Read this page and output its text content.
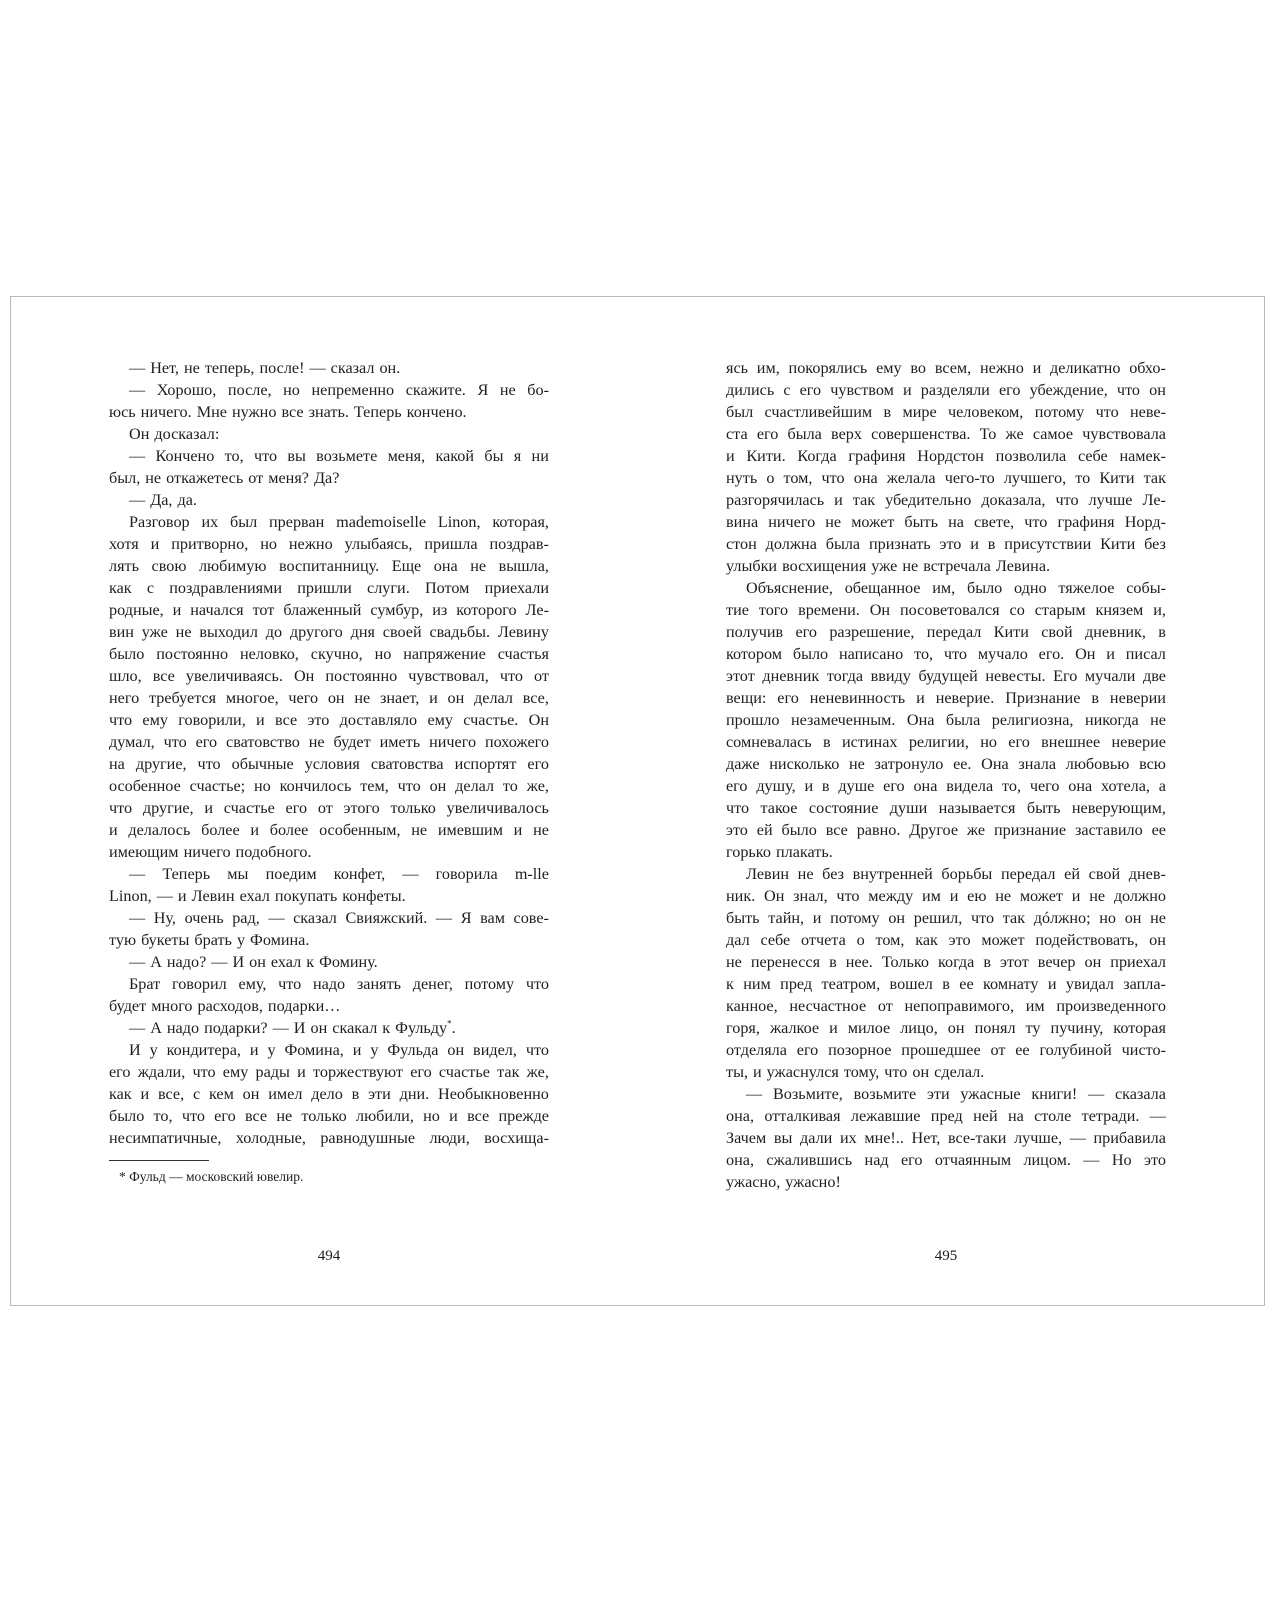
— Нет, не теперь, после! — сказал он.
— Хорошо, после, но непременно скажите. Я не бо-
юсь ничего. Мне нужно все знать. Теперь кончено.
Он досказал:
— Кончено то, что вы возьмете меня, какой бы я ни
был, не откажетесь от меня? Да?
— Да, да.
Разговор их был прерван mademoiselle Linon, которая,
хотя и притворно, но нежно улыбаясь, пришла поздрав-
лять свою любимую воспитанницу. Еще она не вышла,
как с поздравлениями пришли слуги. Потом приехали
родные, и начался тот блаженный сумбур, из которого Ле-
вин уже не выходил до другого дня своей свадьбы. Левину
было постоянно неловко, скучно, но напряжение счастья
шло, все увеличиваясь. Он постоянно чувствовал, что от
него требуется многое, чего он не знает, и он делал все,
что ему говорили, и все это доставляло ему счастье. Он
думал, что его сватовство не будет иметь ничего похожего
на другие, что обычные условия сватовства испортят его
особенное счастье; но кончилось тем, что он делал то же,
что другие, и счастье его от этого только увеличивалось
и делалось более и более особенным, не имевшим и не
имеющим ничего подобного.
— Теперь мы поедим конфет, — говорила m-lle
Linon, — и Левин ехал покупать конфеты.
— Ну, очень рад, — сказал Свияжский. — Я вам сове-
тую букеты брать у Фомина.
— А надо? — И он ехал к Фомину.
Брат говорил ему, что надо занять денег, потому что
будет много расходов, подарки…
— А надо подарки? — И он скакал к Фульду*.
И у кондитера, и у Фомина, и у Фульда он видел, что
его ждали, что ему рады и торжествуют его счастье так же,
как и все, с кем он имел дело в эти дни. Необыкновенно
было то, что его все не только любили, но и все прежде
несимпатичные, холодные, равнодушные люди, восхища-
* Фульд — московский ювелир.
494
ясь им, покорялись ему во всем, нежно и деликатно обхо-
дились с его чувством и разделяли его убеждение, что он
был счастливейшим в мире человеком, потому что неве-
ста его была верх совершенства. То же самое чувствовала
и Кити. Когда графиня Нордстон позволила себе намек-
нуть о том, что она желала чего-то лучшего, то Кити так
разгорячилась и так убедительно доказала, что лучше Ле-
вина ничего не может быть на свете, что графиня Норд-
стон должна была признать это и в присутствии Кити без
улыбки восхищения уже не встречала Левина.
Объяснение, обещанное им, было одно тяжелое собы-
тие того времени. Он посоветовался со старым князем и,
получив его разрешение, передал Кити свой дневник, в
котором было написано то, что мучало его. Он и писал
этот дневник тогда ввиду будущей невесты. Его мучали две
вещи: его неневинность и неверие. Признание в неверии
прошло незамеченным. Она была религиозна, никогда не
сомневалась в истинах религии, но его внешнее неверие
даже нисколько не затронуло ее. Она знала любовью всю
его душу, и в душе его она видела то, чего она хотела, а
что такое состояние души называется быть неверующим,
это ей было все равно. Другое же признание заставило ее
горько плакать.
Левин не без внутренней борьбы передал ей свой днев-
ник. Он знал, что между им и ею не может и не должно
быть тайн, и потому он решил, что так дóлжно; но он не
дал себе отчета о том, как это может подействовать, он
не перенесся в нее. Только когда в этот вечер он приехал
к ним пред театром, вошел в ее комнату и увидал запла-
канное, несчастное от непоправимого, им произведенного
горя, жалкое и милое лицо, он понял ту пучину, которая
отделяла его позорное прошедшее от ее голубиной чисто-
ты, и ужаснулся тому, что он сделал.
— Возьмите, возьмите эти ужасные книги! — сказала
она, отталкивая лежавшие пред ней на столе тетради. —
Зачем вы дали их мне!.. Нет, все-таки лучше, — прибавила
она, сжалившись над его отчаянным лицом. — Но это
ужасно, ужасно!
495
